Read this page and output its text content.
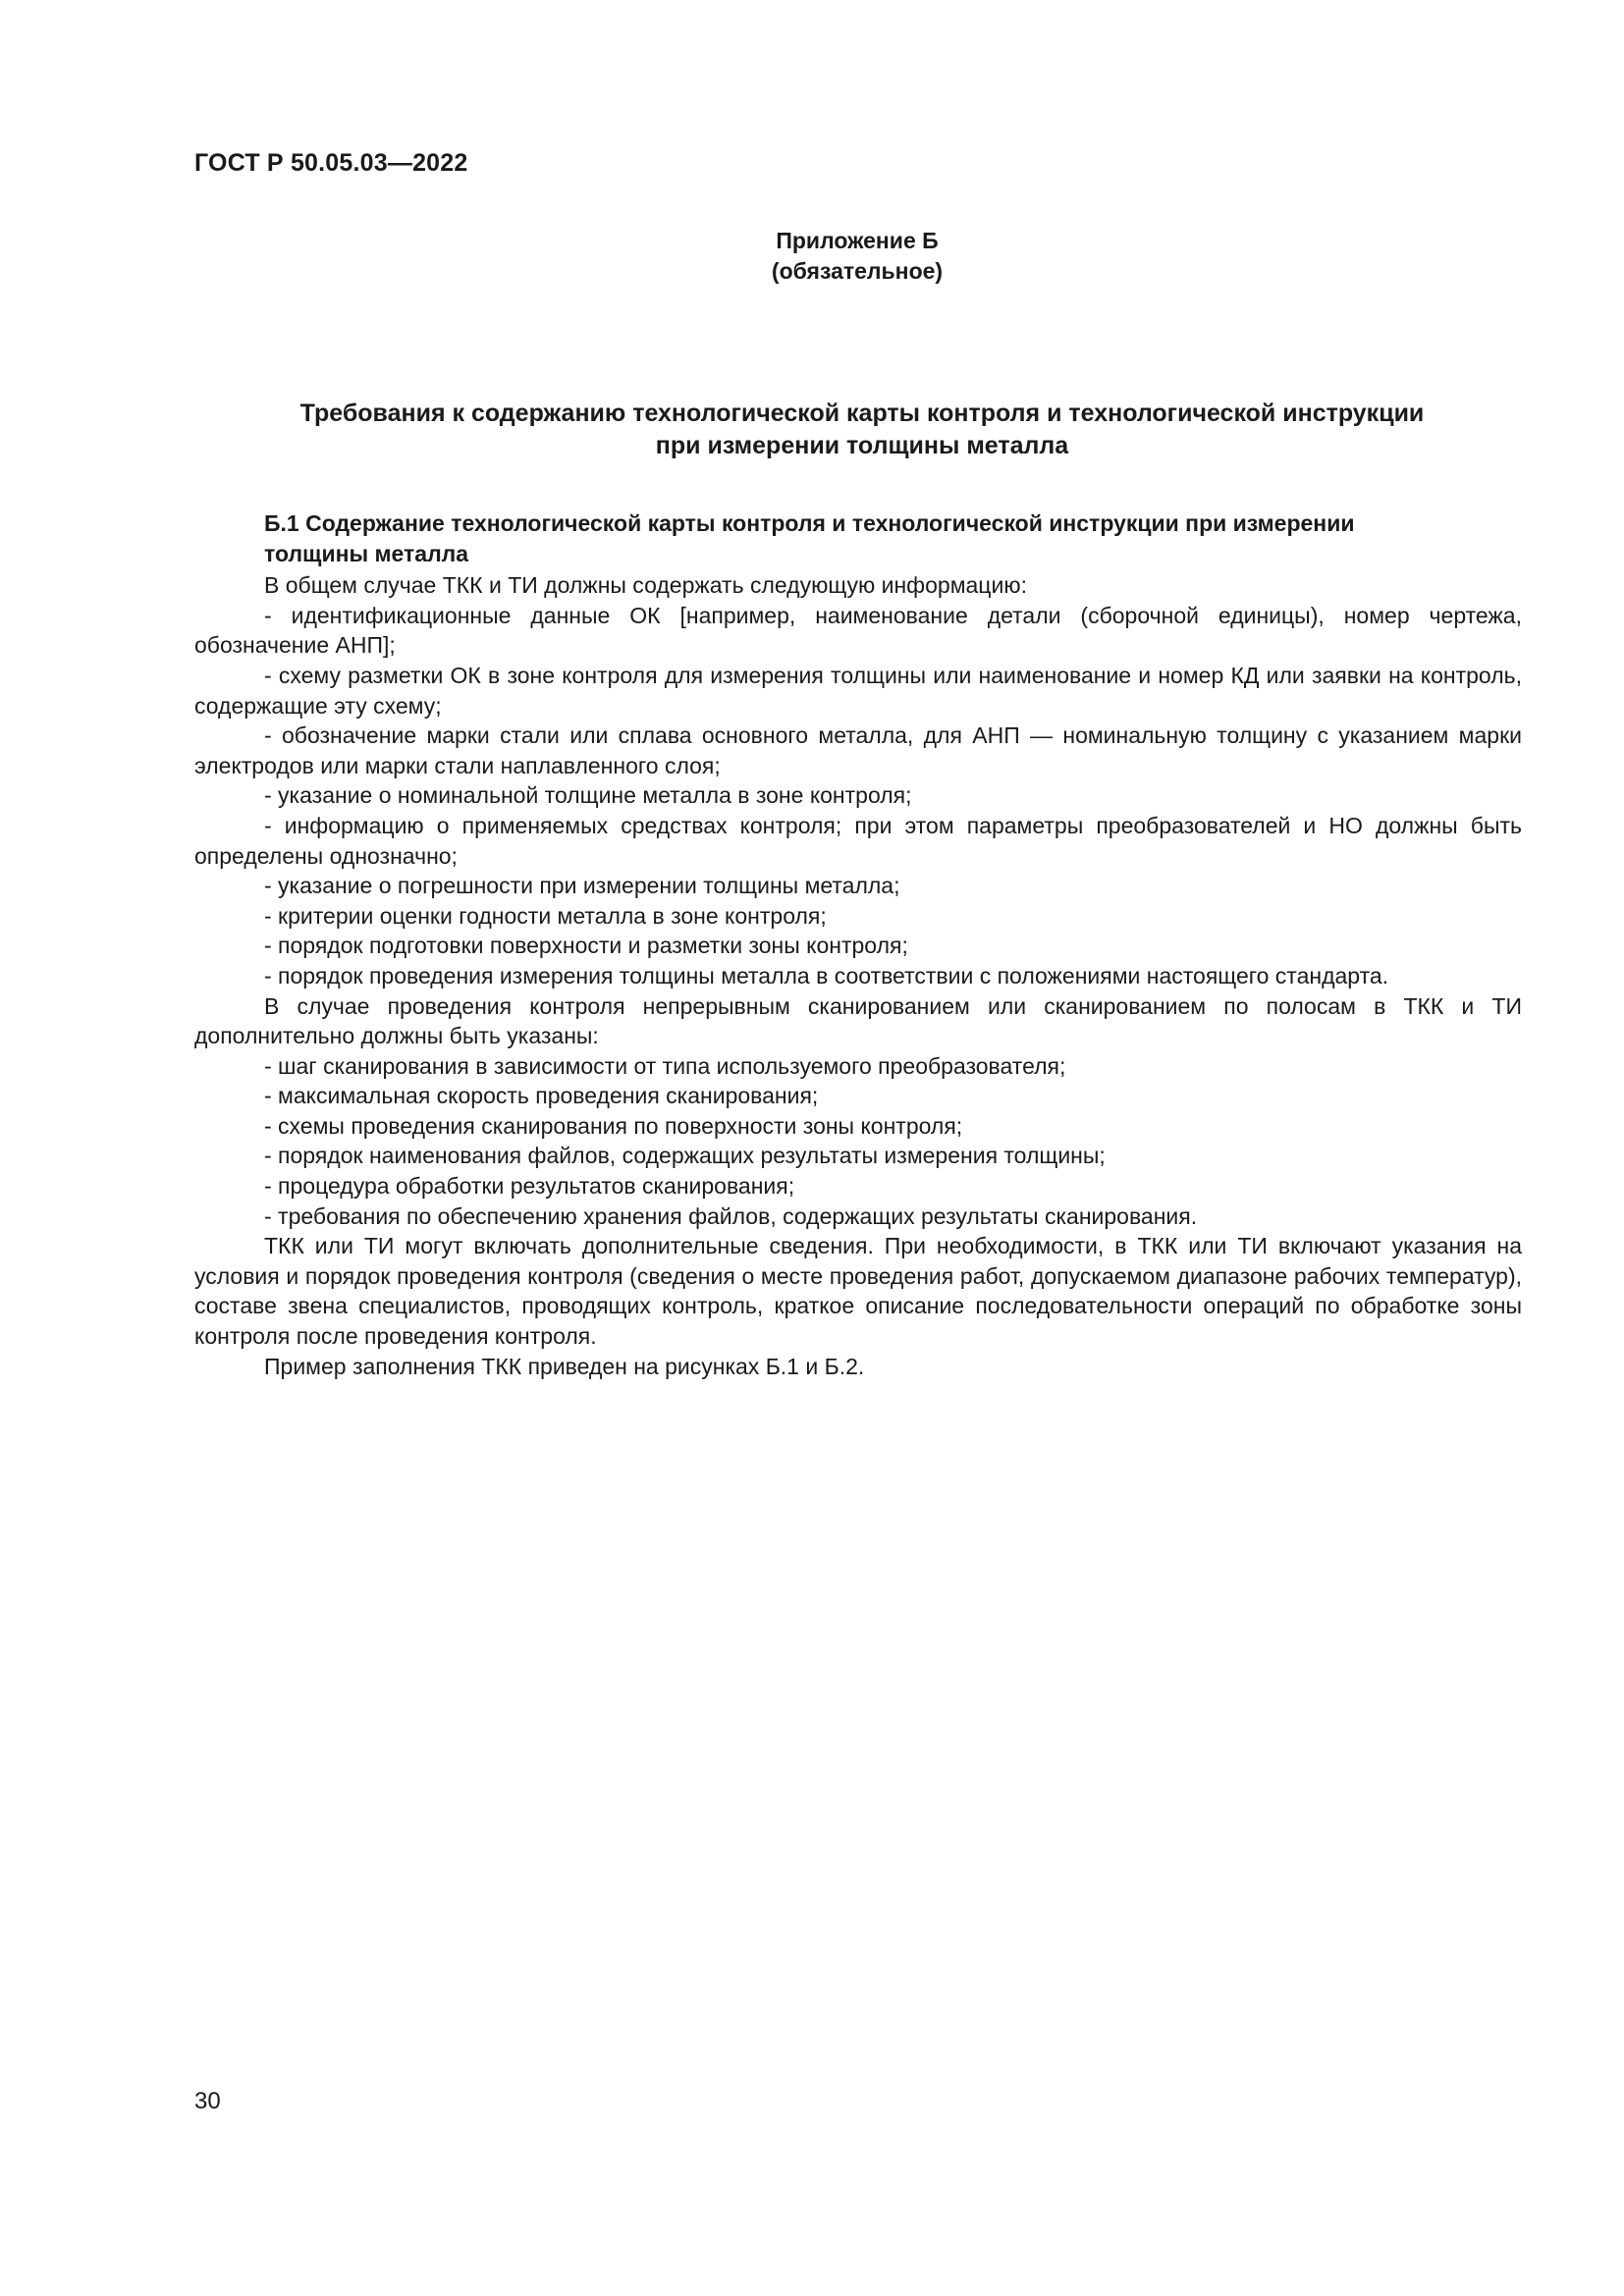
ГОСТ Р 50.05.03—2022
Приложение Б
(обязательное)
Требования к содержанию технологической карты контроля и технологической инструкции
при измерении толщины металла
Б.1 Содержание технологической карты контроля и технологической инструкции при измерении
толщины металла

В общем случае ТКК и ТИ должны содержать следующую информацию:

- идентификационные данные ОК [например, наименование детали (сборочной единицы), номер чертежа, обозначение АНП];

- схему разметки ОК в зоне контроля для измерения толщины или наименование и номер КД или заявки на контроль, содержащие эту схему;

- обозначение марки стали или сплава основного металла, для АНП — номинальную толщину с указанием марки электродов или марки стали наплавленного слоя;

- указание о номинальной толщине металла в зоне контроля;

- информацию о применяемых средствах контроля; при этом параметры преобразователей и НО должны быть определены однозначно;

- указание о погрешности при измерении толщины металла;

- критерии оценки годности металла в зоне контроля;

- порядок подготовки поверхности и разметки зоны контроля;

- порядок проведения измерения толщины металла в соответствии с положениями настоящего стандарта.

В случае проведения контроля непрерывным сканированием или сканированием по полосам в ТКК и ТИ дополнительно должны быть указаны:

- шаг сканирования в зависимости от типа используемого преобразователя;

- максимальная скорость проведения сканирования;

- схемы проведения сканирования по поверхности зоны контроля;

- порядок наименования файлов, содержащих результаты измерения толщины;

- процедура обработки результатов сканирования;

- требования по обеспечению хранения файлов, содержащих результаты сканирования.

ТКК или ТИ могут включать дополнительные сведения. При необходимости, в ТКК или ТИ включают указания на условия и порядок проведения контроля (сведения о месте проведения работ, допускаемом диапазоне рабочих температур), составе звена специалистов, проводящих контроль, краткое описание последовательности операций по обработке зоны контроля после проведения контроля.

Пример заполнения ТКК приведен на рисунках Б.1 и Б.2.

30
